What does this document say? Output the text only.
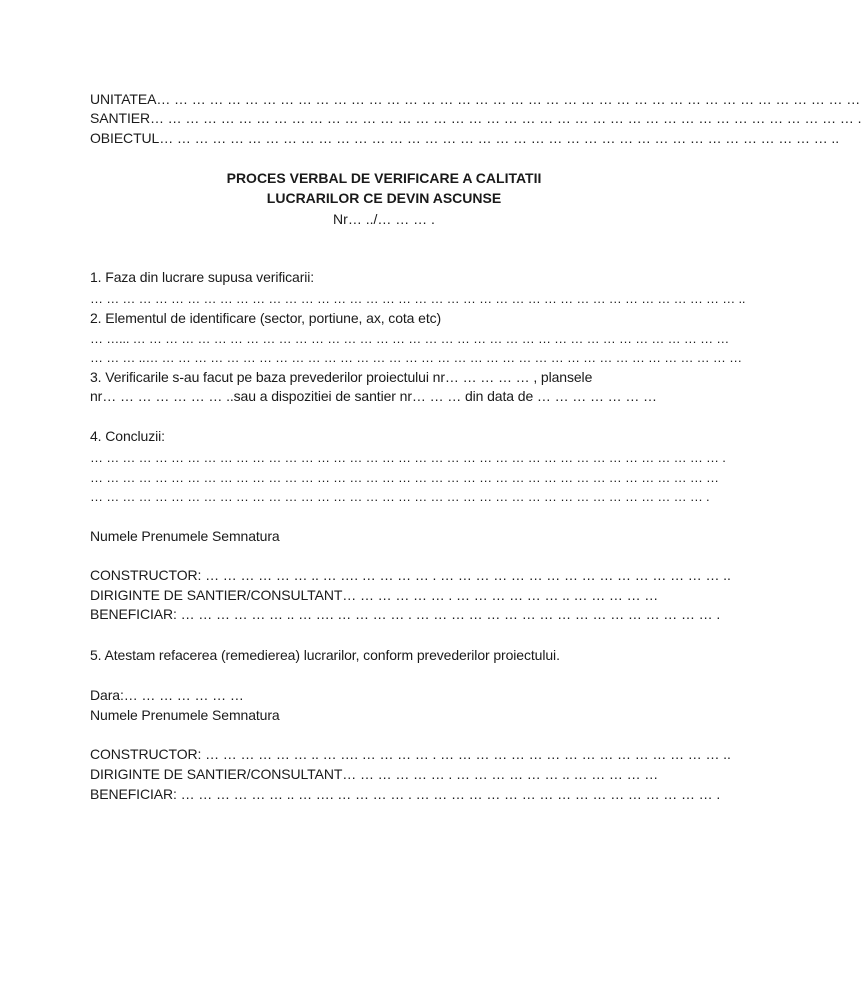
UNITATEA… … … … … … … … … … … … … … … … … … … … … … … … … … … … … … … … … … … … … … … …
SANTIER… … … … … … … … … … … … … … … … … … … … … … … … … … … … … … … … … … … … … … … … .
OBIECTUL… … … … … … … … … … … … … … … … … … … … … … … … … … … … … … … … … … … … … … ..
PROCES VERBAL DE VERIFICARE A CALITATII
LUCRARILOR CE DEVIN ASCUNSE
Nr… ../… … … .
1. Faza din lucrare supusa verificarii:
… … … … … … … … … … … … … … … … … … … … … … … … … … … … … … … … … … … … … … … … ..
2. Elementul de identificare (sector, portiune, ax, cota etc)
… …... … … … … … … … … … … … … … … … … … … … … … … … … … … … … … … … … … … … … …
… … … ..… … … … … … … … … … … … … … … … … … … … … … … … … … … … … … … … … … … … …
3. Verificarile s-au facut pe baza prevederilor proiectului nr… … … … … , plansele
nr… … … … … … … ..sau a dispozitiei de santier nr… … … din data de … … … … … … …
4. Concluzii:
… … … … … … … … … … … … … … … … … … … … … … … … … … … … … … … … … … … … … … … .
… … … … … … … … … … … … … … … … … … … … … … … … … … … … … … … … … … … … … … …
… … … … … … … … … … … … … … … … … … … … … … … … … … … … … … … … … … … … … … .
Numele Prenumele Semnatura
CONSTRUCTOR: … … … … … … .. … …. … … … … . … … … … … … … … … … … … … … … … ..
DIRIGINTE DE SANTIER/CONSULTANT… … … … … … . … … … … … … .. … … … … …
BENEFICIAR: … … … … … … .. … …. … … … … . … … … … … … … … … … … … … … … … … .
5. Atestam refacerea (remedierea) lucrarilor, conform prevederilor proiectului.
Dara:… … … … … … …
Numele Prenumele Semnatura
CONSTRUCTOR: … … … … … … .. … …. … … … … . … … … … … … … … … … … … … … … … ..
DIRIGINTE DE SANTIER/CONSULTANT… … … … … … . … … … … … … .. … … … … …
BENEFICIAR: … … … … … … .. … …. … … … … . … … … … … … … … … … … … … … … … … .
